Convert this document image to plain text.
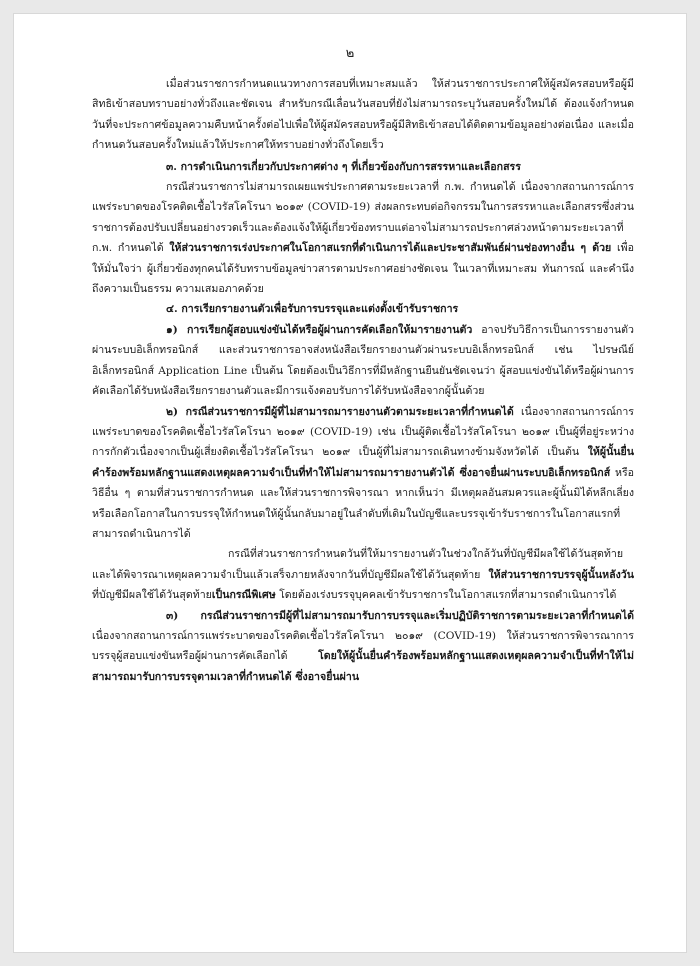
๒

เมื่อส่วนราชการกำหนดแนวทางการสอบที่เหมาะสมแล้ว ให้ส่วนราชการประกาศให้ผู้สมัครสอบหรือผู้มีสิทธิเข้าสอบทราบอย่างทั่วถึงและชัดเจน สำหรับกรณีเลื่อนวันสอบที่ยังไม่สามารถระบุวันสอบครั้งใหม่ได้ ต้องแจ้งกำหนดวันที่จะประกาศข้อมูลความคืบหน้าครั้งต่อไปเพื่อให้ผู้สมัครสอบหรือผู้มีสิทธิเข้าสอบได้ติดตามข้อมูลอย่างต่อเนื่อง และเมื่อกำหนดวันสอบครั้งใหม่แล้วให้ประกาศให้ทราบอย่างทั่วถึงโดยเร็ว

๓. การดำเนินการเกี่ยวกับประกาศต่าง ๆ ที่เกี่ยวข้องกับการสรรหาและเลือกสรร

กรณีส่วนราชการไม่สามารถเผยแพร่ประกาศตามระยะเวลาที่ ก.พ. กำหนดได้ เนื่องจากสถานการณ์การแพร่ระบาดของโรคติดเชื้อไวรัสโคโรนา ๒๐๑๙ (COVID-19) ส่งผลกระทบต่อกิจกรรมในการสรรหาและเลือกสรรซึ่งส่วนราชการต้องปรับเปลี่ยนอย่างรวดเร็วและต้องแจ้งให้ผู้เกี่ยวข้องทราบแต่อาจไม่สามารถประกาศล่วงหน้าตามระยะเวลาที่ ก.พ. กำหนดได้ ให้ส่วนราชการเร่งประกาศในโอกาสแรกที่ดำเนินการได้และประชาสัมพันธ์ผ่านช่องทางอื่น ๆ ด้วย เพื่อให้มั่นใจว่า ผู้เกี่ยวข้องทุกคนได้รับทราบข้อมูลข่าวสารตามประกาศอย่างชัดเจน ในเวลาที่เหมาะสม ทันการณ์ และคำนึงถึงความเป็นธรรม ความเสมอภาคด้วย

๔. การเรียกรายงานตัวเพื่อรับการบรรจุและแต่งตั้งเข้ารับราชการ

๑) การเรียกผู้สอบแข่งขันได้หรือผู้ผ่านการคัดเลือกให้มารายงานตัว อาจปรับวิธีการเป็นการรายงานตัวผ่านระบบอิเล็กทรอนิกส์ และส่วนราชการอาจส่งหนังสือเรียกรายงานตัวผ่านระบบอิเล็กทรอนิกส์ เช่น ไปรษณีย์อิเล็กทรอนิกส์ Application Line เป็นต้น โดยต้องเป็นวิธีการที่มีหลักฐานยืนยันชัดเจนว่า ผู้สอบแข่งขันได้หรือผู้ผ่านการคัดเลือกได้รับหนังสือเรียกรายงานตัวและมีการแจ้งตอบรับการได้รับหนังสือจากผู้นั้นด้วย

๒) กรณีส่วนราชการมีผู้ที่ไม่สามารถมารายงานตัวตามระยะเวลาที่กำหนดได้ เนื่องจากสถานการณ์การแพร่ระบาดของโรคติดเชื้อไวรัสโคโรนา ๒๐๑๙ (COVID-19) เช่น เป็นผู้ติดเชื้อไวรัสโคโรนา ๒๐๑๙ เป็นผู้ที่อยู่ระหว่างการกักตัวเนื่องจากเป็นผู้เสี่ยงติดเชื้อไวรัสโคโรนา ๒๐๑๙ เป็นผู้ที่ไม่สามารถเดินทางข้ามจังหวัดได้ เป็นต้น ให้ผู้นั้นยื่นคำร้องพร้อมหลักฐานแสดงเหตุผลความจำเป็นที่ทำให้ไม่สามารถมารายงานตัวได้ ซึ่งอาจยื่นผ่านระบบอิเล็กทรอนิกส์ หรือวิธีอื่น ๆ ตามที่ส่วนราชการกำหนด และให้ส่วนราชการพิจารณา หากเห็นว่า มีเหตุผลอันสมควรและผู้นั้นมิได้หลีกเลี่ยงหรือเลือกโอกาสในการบรรจุให้กำหนดให้ผู้นั้นกลับมาอยู่ในลำดับที่เดิมในบัญชีและบรรจุเข้ารับราชการในโอกาสแรกที่สามารถดำเนินการได้

กรณีที่ส่วนราชการกำหนดวันที่ให้มารายงานตัวในช่วงใกล้วันที่บัญชีมีผลใช้ได้วันสุดท้าย และได้พิจารณาเหตุผลความจำเป็นแล้วเสร็จภายหลังจากวันที่บัญชีมีผลใช้ได้วันสุดท้าย ให้ส่วนราชการบรรจุผู้นั้นหลังวันที่บัญชีมีผลใช้ได้วันสุดท้ายเป็นกรณีพิเศษ โดยต้องเร่งบรรจุบุคคลเข้ารับราชการในโอกาสแรกที่สามารถดำเนินการได้

๓) กรณีส่วนราชการมีผู้ที่ไม่สามารถมารับการบรรจุและเริ่มปฏิบัติราชการตามระยะเวลาที่กำหนดได้ เนื่องจากสถานการณ์การแพร่ระบาดของโรคติดเชื้อไวรัสโคโรนา ๒๐๑๙ (COVID-19) ให้ส่วนราชการพิจารณาการบรรจุผู้สอบแข่งขันหรือผู้ผ่านการคัดเลือกได้ โดยให้ผู้นั้นยื่นคำร้องพร้อมหลักฐานแสดงเหตุผลความจำเป็นที่ทำให้ไม่สามารถมารับการบรรจุตามเวลาที่กำหนดได้ ซึ่งอาจยื่นผ่าน
